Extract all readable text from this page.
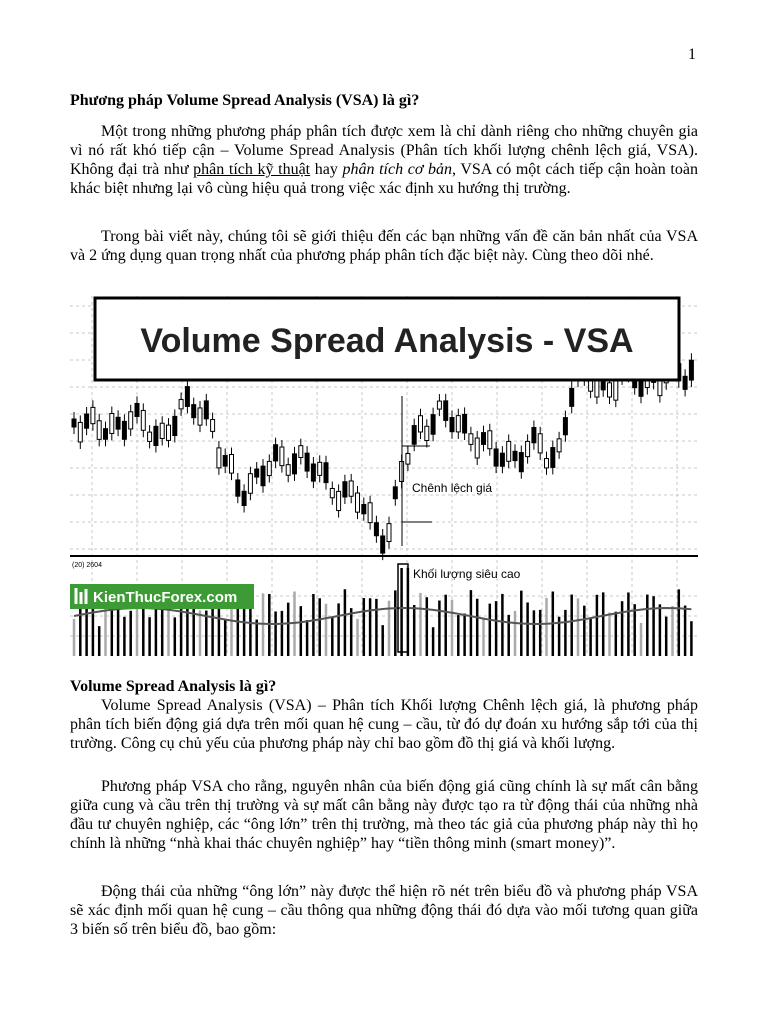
1

Phương pháp Volume Spread Analysis (VSA) là gì?

Một trong những phương pháp phân tích được xem là chỉ dành riêng cho những chuyên gia vì nó rất khó tiếp cận – Volume Spread Analysis (Phân tích khối lượng chênh lệch giá, VSA). Không đại trà như phân tích kỹ thuật hay phân tích cơ bản, VSA có một cách tiếp cận hoàn toàn khác biệt nhưng lại vô cùng hiệu quả trong việc xác định xu hướng thị trường.

Trong bài viết này, chúng tôi sẽ giới thiệu đến các bạn những vấn đề căn bản nhất của VSA và 2 ứng dụng quan trọng nhất của phương pháp phân tích đặc biệt này. Cùng theo dõi nhé.

Chênh lệch giá
Khối lượng siêu cao
(20) 2604
KienThucForex.com
Volume Spread Analysis - VSA

Volume Spread Analysis là gì?

Volume Spread Analysis (VSA) – Phân tích Khối lượng Chênh lệch giá, là phương pháp phân tích biến động giá dựa trên mối quan hệ cung – cầu, từ đó dự đoán xu hướng sắp tới của thị trường. Công cụ chủ yếu của phương pháp này chỉ bao gồm đồ thị giá và khối lượng.

Phương pháp VSA cho rằng, nguyên nhân của biến động giá cũng chính là sự mất cân bằng giữa cung và cầu trên thị trường và sự mất cân bằng này được tạo ra từ động thái của những nhà đầu tư chuyên nghiệp, các “ông lớn” trên thị trường, mà theo tác giả của phương pháp này thì họ chính là những “nhà khai thác chuyên nghiệp” hay “tiền thông minh (smart money)”.

Động thái của những “ông lớn” này được thể hiện rõ nét trên biểu đồ và phương pháp VSA sẽ xác định mối quan hệ cung – cầu thông qua những động thái đó dựa vào mối tương quan giữa 3 biến số trên biểu đồ, bao gồm:
